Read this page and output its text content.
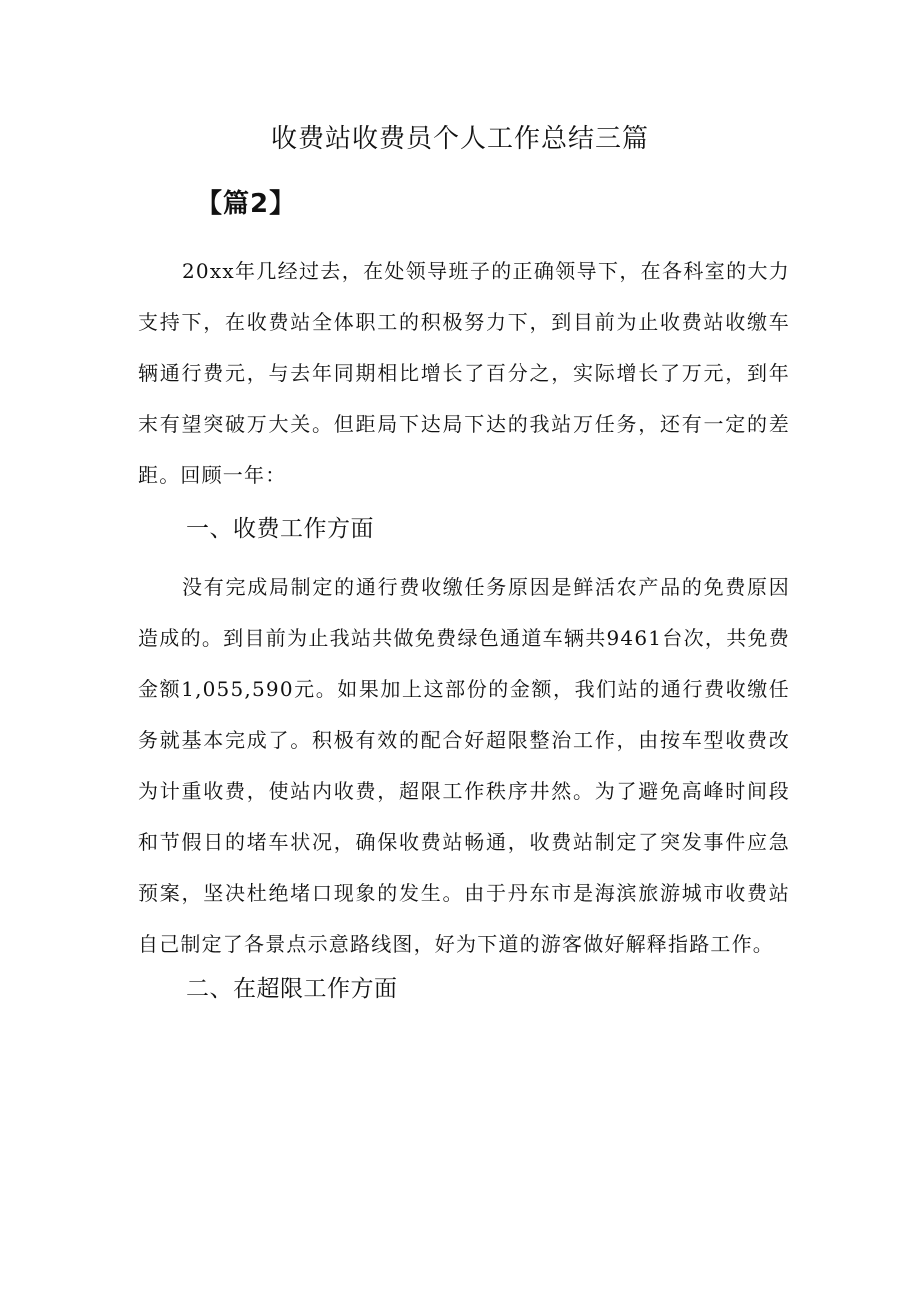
收费站收费员个人工作总结三篇
【篇2】
20xx年几经过去，在处领导班子的正确领导下，在各科室的大力支持下，在收费站全体职工的积极努力下，到目前为止收费站收缴车辆通行费元，与去年同期相比增长了百分之，实际增长了万元，到年末有望突破万大关。但距局下达局下达的我站万任务，还有一定的差距。回顾一年：
一、收费工作方面
没有完成局制定的通行费收缴任务原因是鲜活农产品的免费原因造成的。到目前为止我站共做免费绿色通道车辆共9461台次，共免费金额1,055,590元。如果加上这部份的金额，我们站的通行费收缴任务就基本完成了。积极有效的配合好超限整治工作，由按车型收费改为计重收费，使站内收费，超限工作秩序井然。为了避免高峰时间段和节假日的堵车状况，确保收费站畅通，收费站制定了突发事件应急预案，坚决杜绝堵口现象的发生。由于丹东市是海滨旅游城市收费站自己制定了各景点示意路线图，好为下道的游客做好解释指路工作。
二、在超限工作方面
